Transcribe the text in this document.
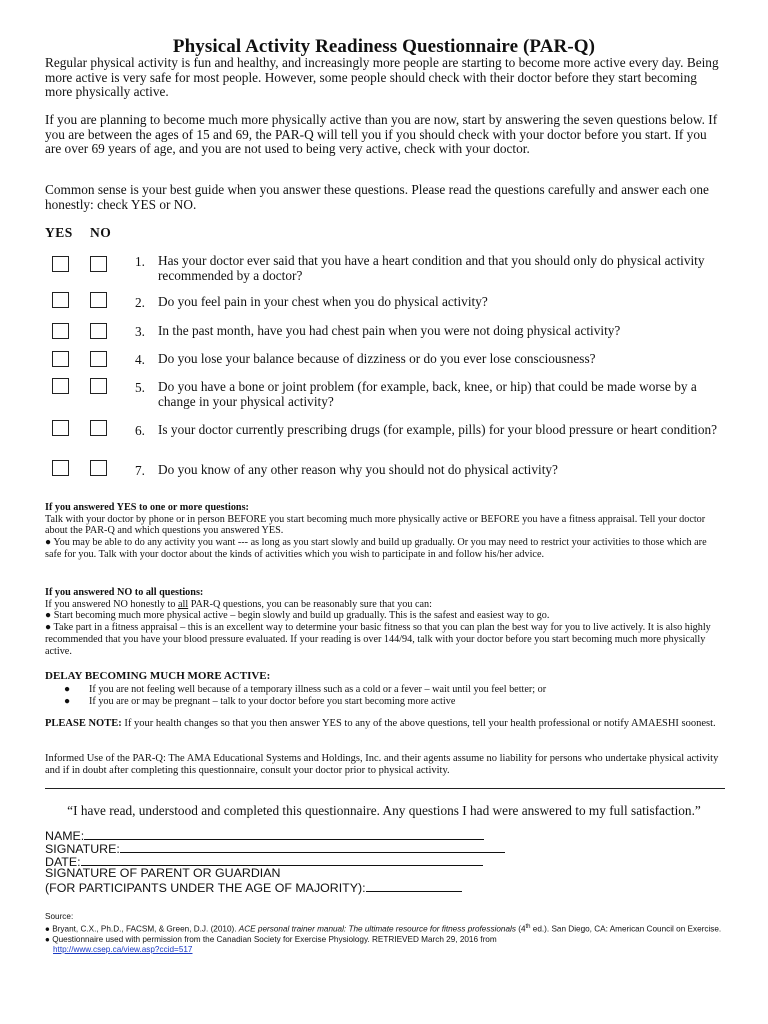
Physical Activity Readiness Questionnaire (PAR-Q)
Regular physical activity is fun and healthy, and increasingly more people are starting to become more active every day. Being more active is very safe for most people. However, some people should check with their doctor before they start becoming more physically active.
If you are planning to become much more physically active than you are now, start by answering the seven questions below. If you are between the ages of 15 and 69, the PAR-Q will tell you if you should check with your doctor before you start. If you are over 69 years of age, and you are not used to being very active, check with your doctor.
Common sense is your best guide when you answer these questions. Please read the questions carefully and answer each one honestly: check YES or NO.
YES NO
1. Has your doctor ever said that you have a heart condition and that you should only do physical activity recommended by a doctor?
2. Do you feel pain in your chest when you do physical activity?
3. In the past month, have you had chest pain when you were not doing physical activity?
4. Do you lose your balance because of dizziness or do you ever lose consciousness?
5. Do you have a bone or joint problem (for example, back, knee, or hip) that could be made worse by a change in your physical activity?
6. Is your doctor currently prescribing drugs (for example, pills) for your blood pressure or heart condition?
7. Do you know of any other reason why you should not do physical activity?
If you answered YES to one or more questions:
Talk with your doctor by phone or in person BEFORE you start becoming much more physically active or BEFORE you have a fitness appraisal. Tell your doctor about the PAR-Q and which questions you answered YES.
● You may be able to do any activity you want --- as long as you start slowly and build up gradually. Or you may need to restrict your activities to those which are safe for you. Talk with your doctor about the kinds of activities which you wish to participate in and follow his/her advice.
If you answered NO to all questions:
If you answered NO honestly to all PAR-Q questions, you can be reasonably sure that you can:
● Start becoming much more physical active – begin slowly and build up gradually. This is the safest and easiest way to go.
● Take part in a fitness appraisal – this is an excellent way to determine your basic fitness so that you can plan the best way for you to live actively. It is also highly recommended that you have your blood pressure evaluated. If your reading is over 144/94, talk with your doctor before you start becoming much more physically active.
DELAY BECOMING MUCH MORE ACTIVE:
● If you are not feeling well because of a temporary illness such as a cold or a fever – wait until you feel better; or
● If you are or may be pregnant – talk to your doctor before you start becoming more active
PLEASE NOTE: If your health changes so that you then answer YES to any of the above questions, tell your health professional or notify AMAESHI soonest.
Informed Use of the PAR-Q: The AMA Educational Systems and Holdings, Inc. and their agents assume no liability for persons who undertake physical activity and if in doubt after completing this questionnaire, consult your doctor prior to physical activity.
“I have read, understood and completed this questionnaire. Any questions I had were answered to my full satisfaction.”
NAME:
SIGNATURE:
DATE:
SIGNATURE OF PARENT OR GUARDIAN
(FOR PARTICIPANTS UNDER THE AGE OF MAJORITY):
Source:
● Bryant, C.X., Ph.D., FACSM, & Green, D.J. (2010). ACE personal trainer manual: The ultimate resource for fitness professionals (4th ed.). San Diego, CA: American Council on Exercise.
● Questionnaire used with permission from the Canadian Society for Exercise Physiology. RETRIEVED March 29, 2016 from
http://www.csep.ca/view.asp?ccid=517
